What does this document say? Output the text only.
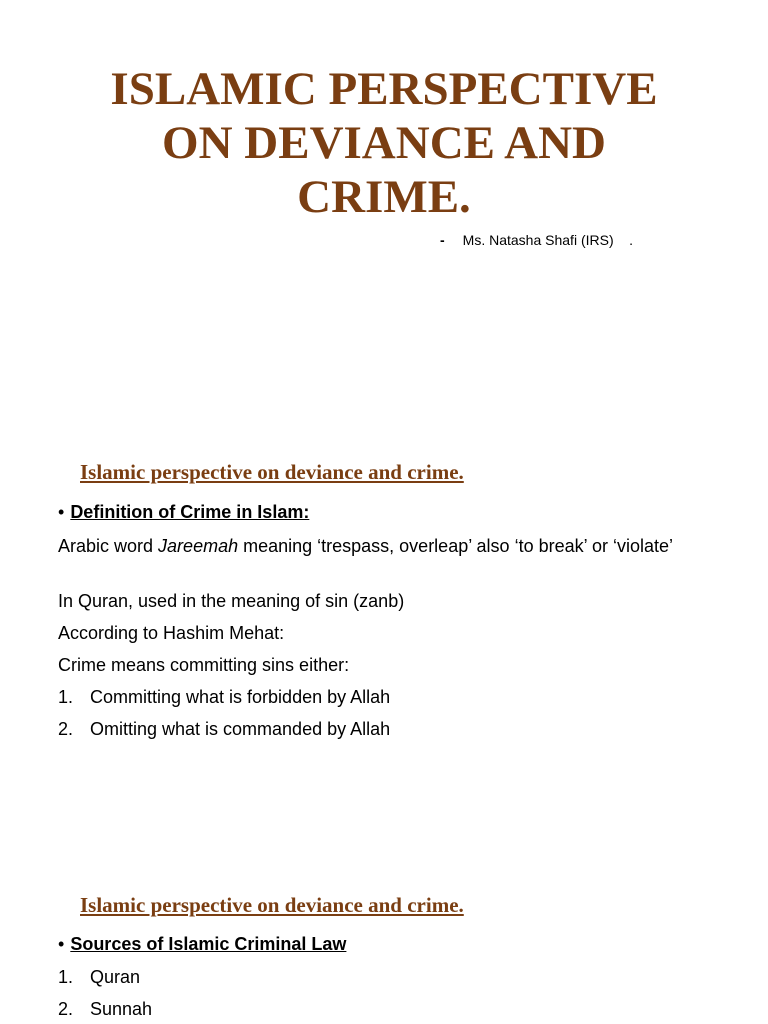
ISLAMIC PERSPECTIVE
ON DEVIANCE AND
CRIME.
- Ms. Natasha Shafi (IRS)    .
Islamic perspective on deviance and crime.
• Definition of Crime in Islam:
Arabic word Jareemah meaning ‘trespass, overleap’ also ‘to break’ or ‘violate’
In Quran, used in the meaning of sin (zanb)
According to Hashim Mehat:
Crime means committing sins either:
1. Committing what is forbidden by Allah
2. Omitting what is commanded by Allah
Islamic perspective on deviance and crime.
• Sources of Islamic Criminal Law
1. Quran
2. Sunnah
